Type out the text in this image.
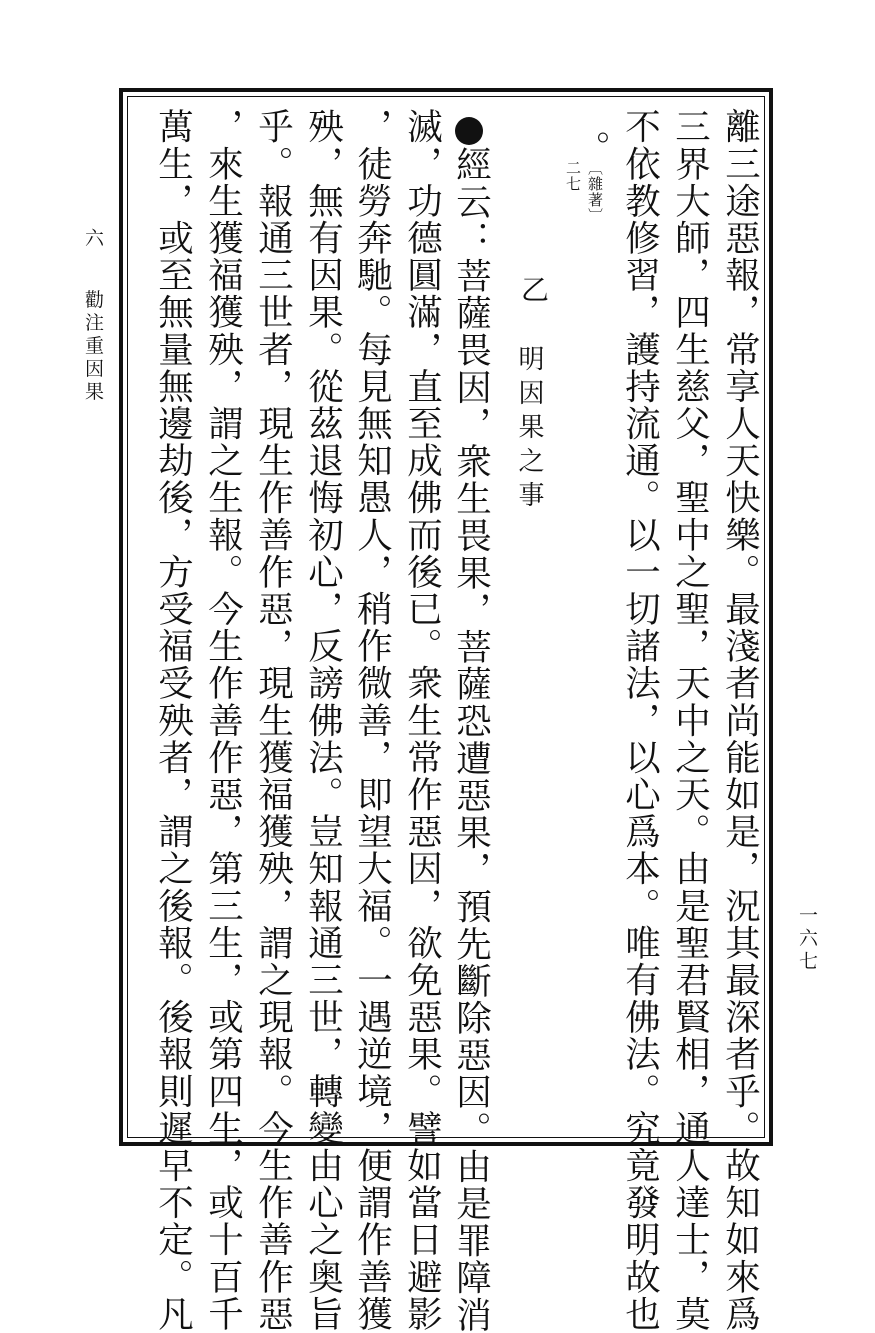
六  勸注重因果
一六七
離三途惡報，常享人天快樂。最淺者尚能如是，況其最深者乎。故知如來爲
三界大師，四生慈父，聖中之聖，天中之天。由是聖君賢相，通人達士，莫
不依教修習，護持流通。以一切諸法，以心爲本。唯有佛法。究竟發明故也
。
〔雜著〕
二七
乙
明因果之事
經云：菩薩畏因，衆生畏果，菩薩恐遭惡果，預先斷除惡因。由是罪障消
滅，功德圓滿，直至成佛而後已。衆生常作惡因，欲免惡果。譬如當日避影
，徒勞奔馳。每見無知愚人，稍作微善，即望大福。一遇逆境，便謂作善獲
殃，無有因果。從茲退悔初心，反謗佛法。豈知報通三世，轉變由心之奥旨
乎。報通三世者，現生作善作惡，現生獲福獲殃，謂之現報。今生作善作惡
，來生獲福獲殃，謂之生報。今生作善作惡，第三生，或第四生，或十百千
萬生，或至無量無邊劫後，方受福受殃者，謂之後報。後報則遲早不定。凡
